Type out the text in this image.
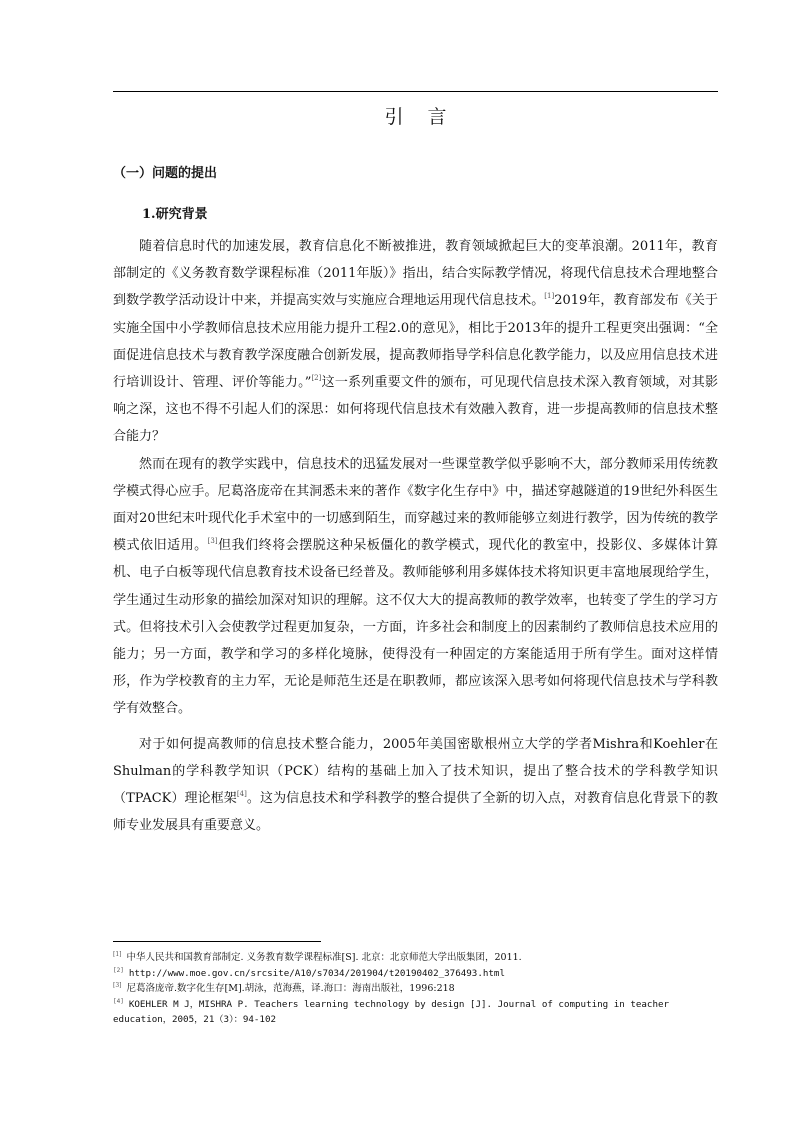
引言
（一）问题的提出
1.研究背景

随着信息时代的加速发展，教育信息化不断被推进，教育领域掀起巨大的变革浪潮。2011年，教育部制定的《义务教育数学课程标准（2011年版）》指出，结合实际教学情况，将现代信息技术合理地整合到数学教学活动设计中来，并提高实效与实施应合理地运用现代信息技术。[1]2019年，教育部发布《关于实施全国中小学教师信息技术应用能力提升工程2.0的意见》，相比于2013年的提升工程更突出强调：“全面促进信息技术与教育教学深度融合创新发展，提高教师指导学科信息化教学能力，以及应用信息技术进行培训设计、管理、评价等能力。”[2]这一系列重要文件的颁布，可见现代信息技术深入教育领域，对其影响之深，这也不得不引起人们的深思：如何将现代信息技术有效融入教育，进一步提高教师的信息技术整合能力？

然而在现有的教学实践中，信息技术的迅猛发展对一些课堂教学似乎影响不大，部分教师采用传统教学模式得心应手。尼葛洛庞帝在其洞悉未来的著作《数字化生存中》中，描述穿越隧道的19世纪外科医生面对20世纪末叶现代化手术室中的一切感到陌生，而穿越过来的教师能够立刻进行教学，因为传统的教学模式依旧适用。[3]但我们终将会摆脱这种呆板僵化的教学模式，现代化的教室中，投影仪、多媒体计算机、电子白板等现代信息教育技术设备已经普及。教师能够利用多媒体技术将知识更丰富地展现给学生，学生通过生动形象的描绘加深对知识的理解。这不仅大大的提高教师的教学效率，也转变了学生的学习方式。但将技术引入会使教学过程更加复杂，一方面，许多社会和制度上的因素制约了教师信息技术应用的能力；另一方面，教学和学习的多样化境脉，使得没有一种固定的方案能适用于所有学生。面对这样情形，作为学校教育的主力军，无论是师范生还是在职教师，都应该深入思考如何将现代信息技术与学科教学有效整合。

对于如何提高教师的信息技术整合能力，2005年美国密歇根州立大学的学者Mishra和Koehler在Shulman的学科教学知识（PCK）结构的基础上加入了技术知识，提出了整合技术的学科教学知识（TPACK）理论框架[4]。这为信息技术和学科教学的整合提供了全新的切入点，对教育信息化背景下的教师专业发展具有重要意义。

[1] 中华人民共和国教育部制定. 义务教育数学课程标准[S]. 北京：北京师范大学出版集团，2011.

[2] http://www.moe.gov.cn/srcsite/A10/s7034/201904/t20190402_376493.html

[3] 尼葛洛庞帝.数字化生存[M].胡泳，范海燕，译.海口：海南出版社，1996:218

[4] KOEHLER M J，MISHRA P. Teachers learning technology by design [J]. Journal of computing in teacher education，2005，21（3）：94-102
